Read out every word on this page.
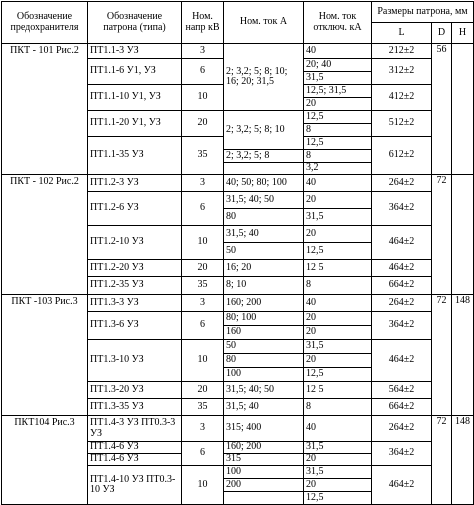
Обозначение предохранителя	Обозначение патрона (типа)	Ном. напр кВ	Ном. ток А	Ном. ток отключ. кА	Размеры патрона, мм		
					L	D	H
ПКТ - 101 Рис.2	ПТ1.1-3 УЗ	3	2; 3,2; 5; 8; 10; 16; 20; 31,5	40	212±2	56	
	ПТ1.1-6 У1, УЗ	6		20; 40	312±2		
				31,5			
	ПТ1.1-10 У1, УЗ	10		12,5; 31,5	412±2		
				20			
	ПТ1.1-20 У1, УЗ	20	2; 3,2; 5; 8; 10	12,5	512±2		
				8			
	ПТ1.1-35 УЗ	35		12,5	612±2		
			2; 3,2; 5; 8	8			
				3,2			
ПКТ - 102 Рис.2	ПТ1.2-3 УЗ	3	40; 50; 80; 100	40	264±2	72	
	ПТ1.2-6 УЗ	6	31,5; 40; 50	20	364±2		
			80	31,5			
	ПТ1.2-10 УЗ	10	31,5; 40	20	464±2		
			50	12,5			
	ПТ1.2-20 УЗ	20	16; 20	12 5	464±2		
	ПТ1.2-35 УЗ	35	8; 10	8	664±2		
ПКТ -103 Рис.3	ПТ1.3-3 УЗ	3	160; 200	40	264±2	72	148
	ПТ1.3-6 УЗ	6	80; 100	20	364±2		
			160	20			
	ПТ1.3-10 УЗ	10	50	31,5	464±2		
			80	20			
			100	12,5			
	ПТ1.3-20 УЗ	20	31,5; 40; 50	12 5	564±2		
	ПТ1.3-35 УЗ	35	31,5; 40	8	664±2		
ПКТ104 Рис.3	ПТ1.4-3 УЗ ПТ0.3-3 УЗ	3	315; 400	40	264±2	72	148
	ПТ1.4-6 УЗ	6	160; 200	31,5	364±2		
	ПТ1.4-6 УЗ		315	20			
	ПТ1.4-10 УЗ ПТ0.3-10 УЗ	10	100	31,5	464±2		
			200	20			
				12,5			
